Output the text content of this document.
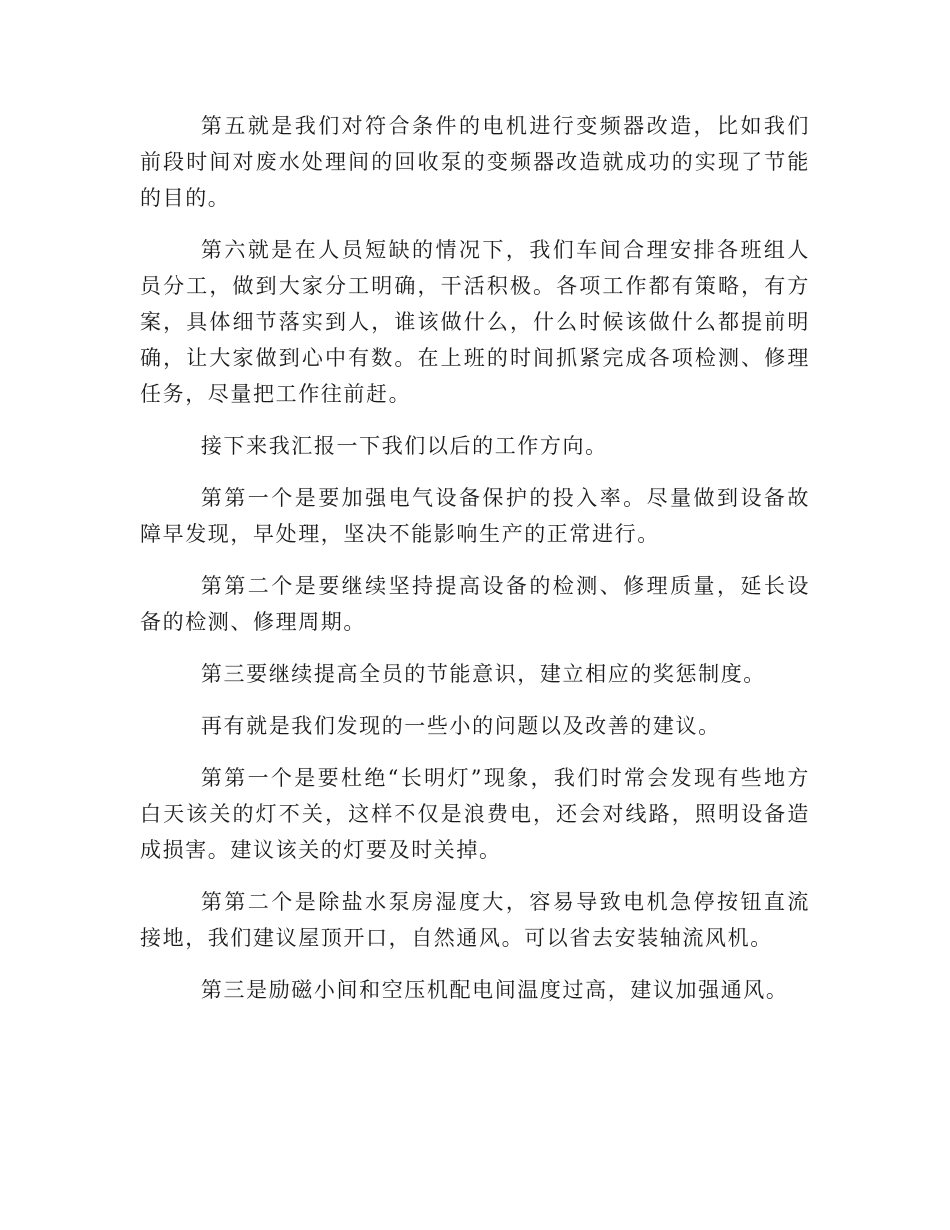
第五就是我们对符合条件的电机进行变频器改造，比如我们前段时间对废水处理间的回收泵的变频器改造就成功的实现了节能的目的。

第六就是在人员短缺的情况下，我们车间合理安排各班组人员分工，做到大家分工明确，干活积极。各项工作都有策略，有方案，具体细节落实到人，谁该做什么，什么时候该做什么都提前明确，让大家做到心中有数。在上班的时间抓紧完成各项检测、修理任务，尽量把工作往前赶。

接下来我汇报一下我们以后的工作方向。

第第一个是要加强电气设备保护的投入率。尽量做到设备故障早发现，早处理，坚决不能影响生产的正常进行。

第第二个是要继续坚持提高设备的检测、修理质量，延长设备的检测、修理周期。

第三要继续提高全员的节能意识，建立相应的奖惩制度。

再有就是我们发现的一些小的问题以及改善的建议。

第第一个是要杜绝“长明灯”现象，我们时常会发现有些地方白天该关的灯不关，这样不仅是浪费电，还会对线路，照明设备造成损害。建议该关的灯要及时关掉。

第第二个是除盐水泵房湿度大，容易导致电机急停按钮直流接地，我们建议屋顶开口，自然通风。可以省去安装轴流风机。

第三是励磁小间和空压机配电间温度过高，建议加强通风。
